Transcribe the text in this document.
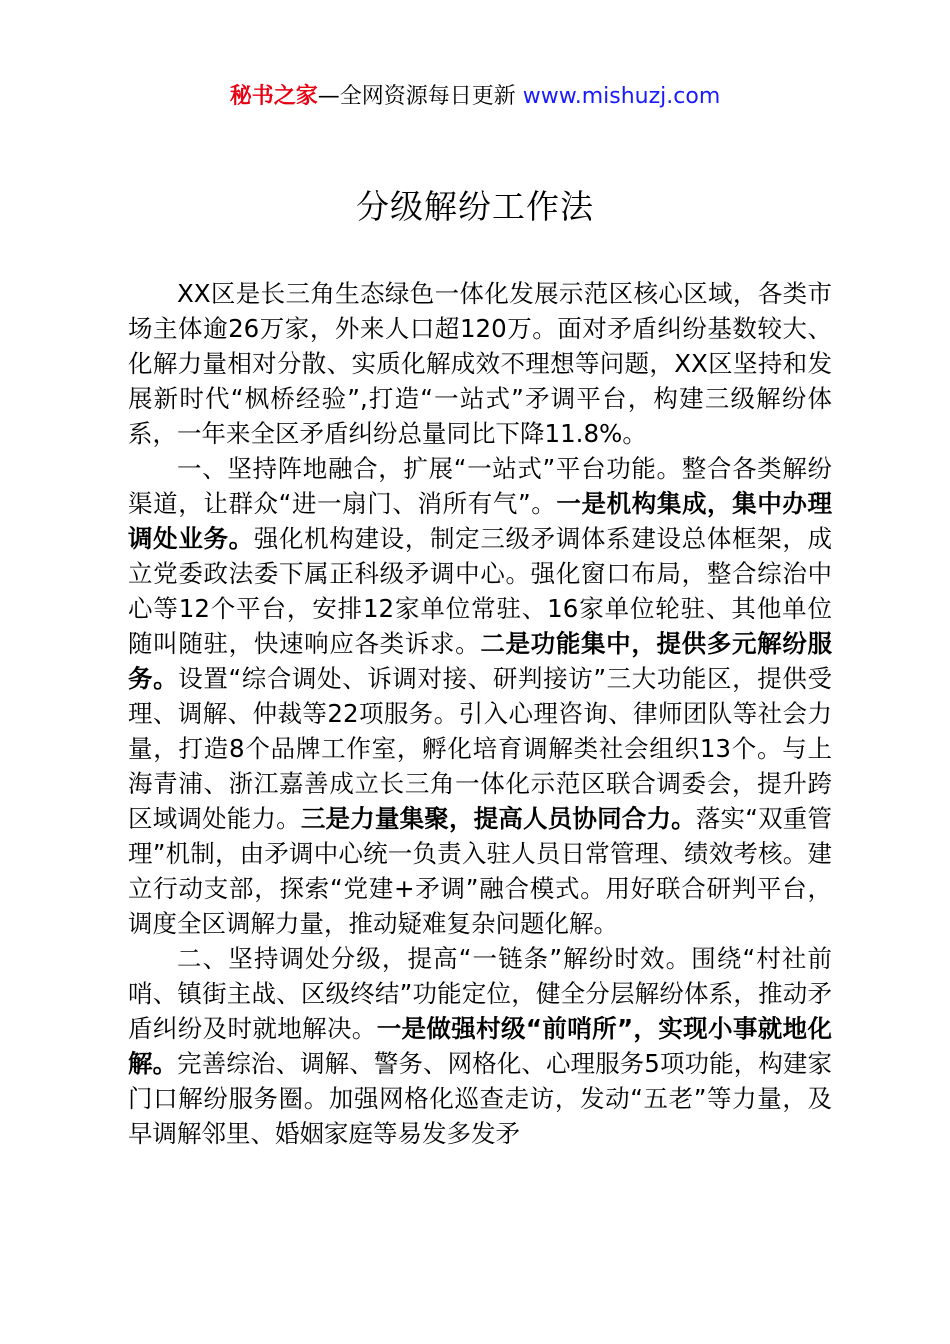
秘书之家—全网资源每日更新 www.mishuzj.com
分级解纷工作法

XX区是长三角生态绿色一体化发展示范区核心区域，各类市场主体逾26万家，外来人口超120万。面对矛盾纠纷基数较大、化解力量相对分散、实质化解成效不理想等问题，XX区坚持和发展新时代“枫桥经验”,打造“一站式”矛调平台，构建三级解纷体系，一年来全区矛盾纠纷总量同比下降11.8%。

一、坚持阵地融合，扩展“一站式”平台功能。整合各类解纷渠道，让群众“进一扇门、消所有气”。一是机构集成，集中办理调处业务。强化机构建设，制定三级矛调体系建设总体框架，成立党委政法委下属正科级矛调中心。强化窗口布局，整合综治中心等12个平台，安排12家单位常驻、16家单位轮驻、其他单位随叫随驻，快速响应各类诉求。二是功能集中，提供多元解纷服务。设置“综合调处、诉调对接、研判接访”三大功能区，提供受理、调解、仲裁等22项服务。引入心理咨询、律师团队等社会力量，打造8个品牌工作室，孵化培育调解类社会组织13个。与上海青浦、浙江嘉善成立长三角一体化示范区联合调委会，提升跨区域调处能力。三是力量集聚，提高人员协同合力。落实“双重管理”机制，由矛调中心统一负责入驻人员日常管理、绩效考核。建立行动支部，探索“党建+矛调”融合模式。用好联合研判平台，调度全区调解力量，推动疑难复杂问题化解。

二、坚持调处分级，提高“一链条”解纷时效。围绕“村社前哨、镇街主战、区级终结”功能定位，健全分层解纷体系，推动矛盾纠纷及时就地解决。一是做强村级“前哨所”，实现小事就地化解。完善综治、调解、警务、网格化、心理服务5项功能，构建家门口解纷服务圈。加强网格化巡查走访，发动“五老”等力量，及早调解邻里、婚姻家庭等易发多发矛
